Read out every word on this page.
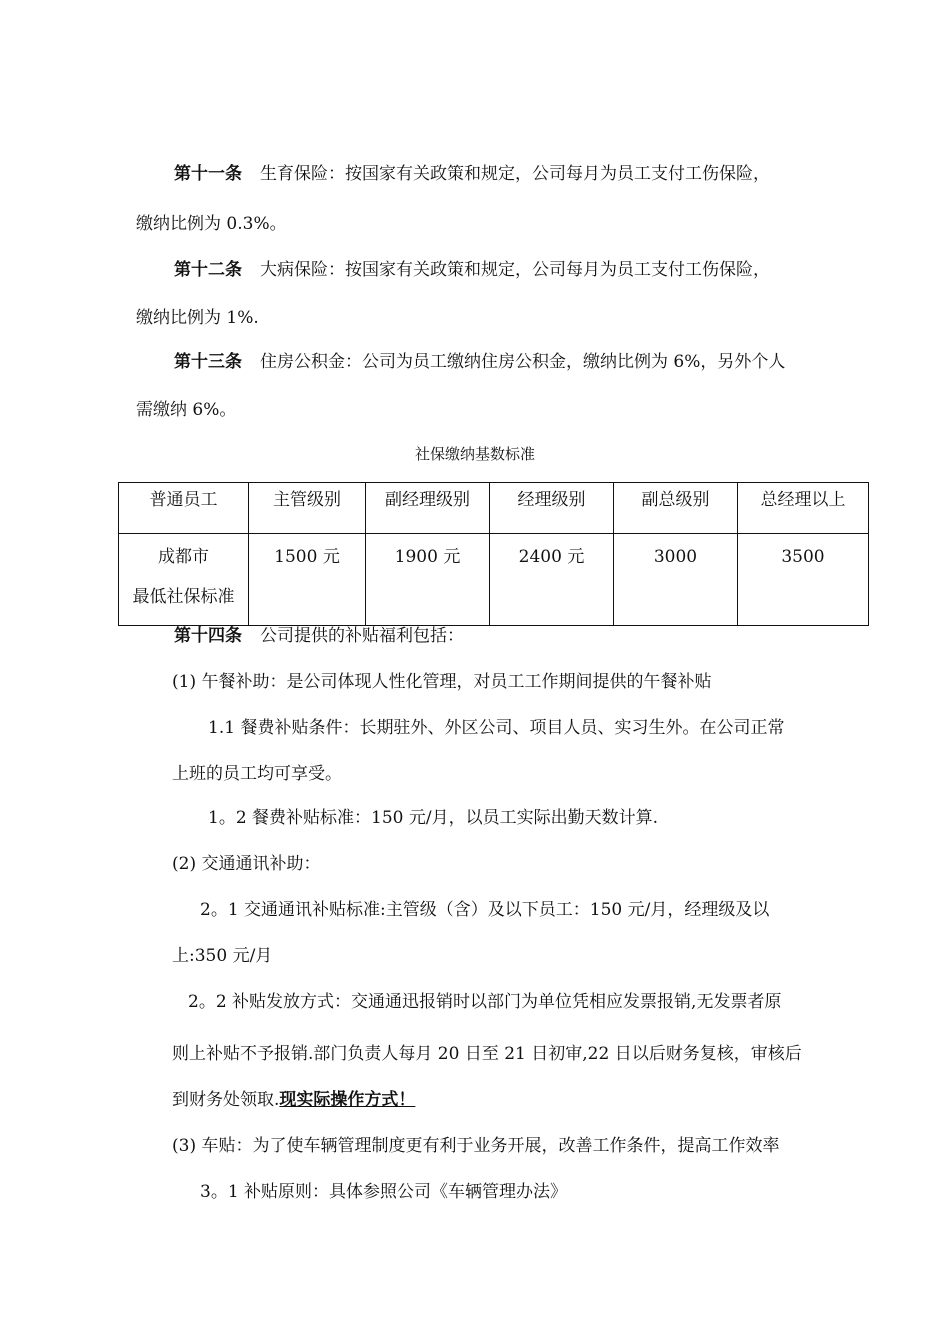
第十一条 生育保险：按国家有关政策和规定，公司每月为员工支付工伤保险，
缴纳比例为 0.3%。
第十二条 大病保险：按国家有关政策和规定，公司每月为员工支付工伤保险，
缴纳比例为 1%.
第十三条 住房公积金：公司为员工缴纳住房公积金，缴纳比例为 6%，另外个人
需缴纳 6%。
社保缴纳基数标准
普通员工	主管级别	副经理级别	经理级别	副总级别	总经理以上

成都市
最低社保标准	1500 元	1900 元	2400 元	3000	3500
第十四条 公司提供的补贴福利包括：
(1) 午餐补助：是公司体现人性化管理，对员工工作期间提供的午餐补贴
1.1 餐费补贴条件：长期驻外、外区公司、项目人员、实习生外。在公司正常
上班的员工均可享受。
1。2 餐费补贴标准：150 元/月，以员工实际出勤天数计算.
(2) 交通通讯补助：
2。1 交通通讯补贴标准:主管级（含）及以下员工：150 元/月，经理级及以
上:350 元/月
2。2 补贴发放方式：交通通迅报销时以部门为单位凭相应发票报销,无发票者原
则上补贴不予报销.部门负责人每月 20 日至 21 日初审,22 日以后财务复核，审核后
到财务处领取.现实际操作方式！
(3) 车贴：为了使车辆管理制度更有利于业务开展，改善工作条件，提高工作效率
3。1 补贴原则：具体参照公司《车辆管理办法》
